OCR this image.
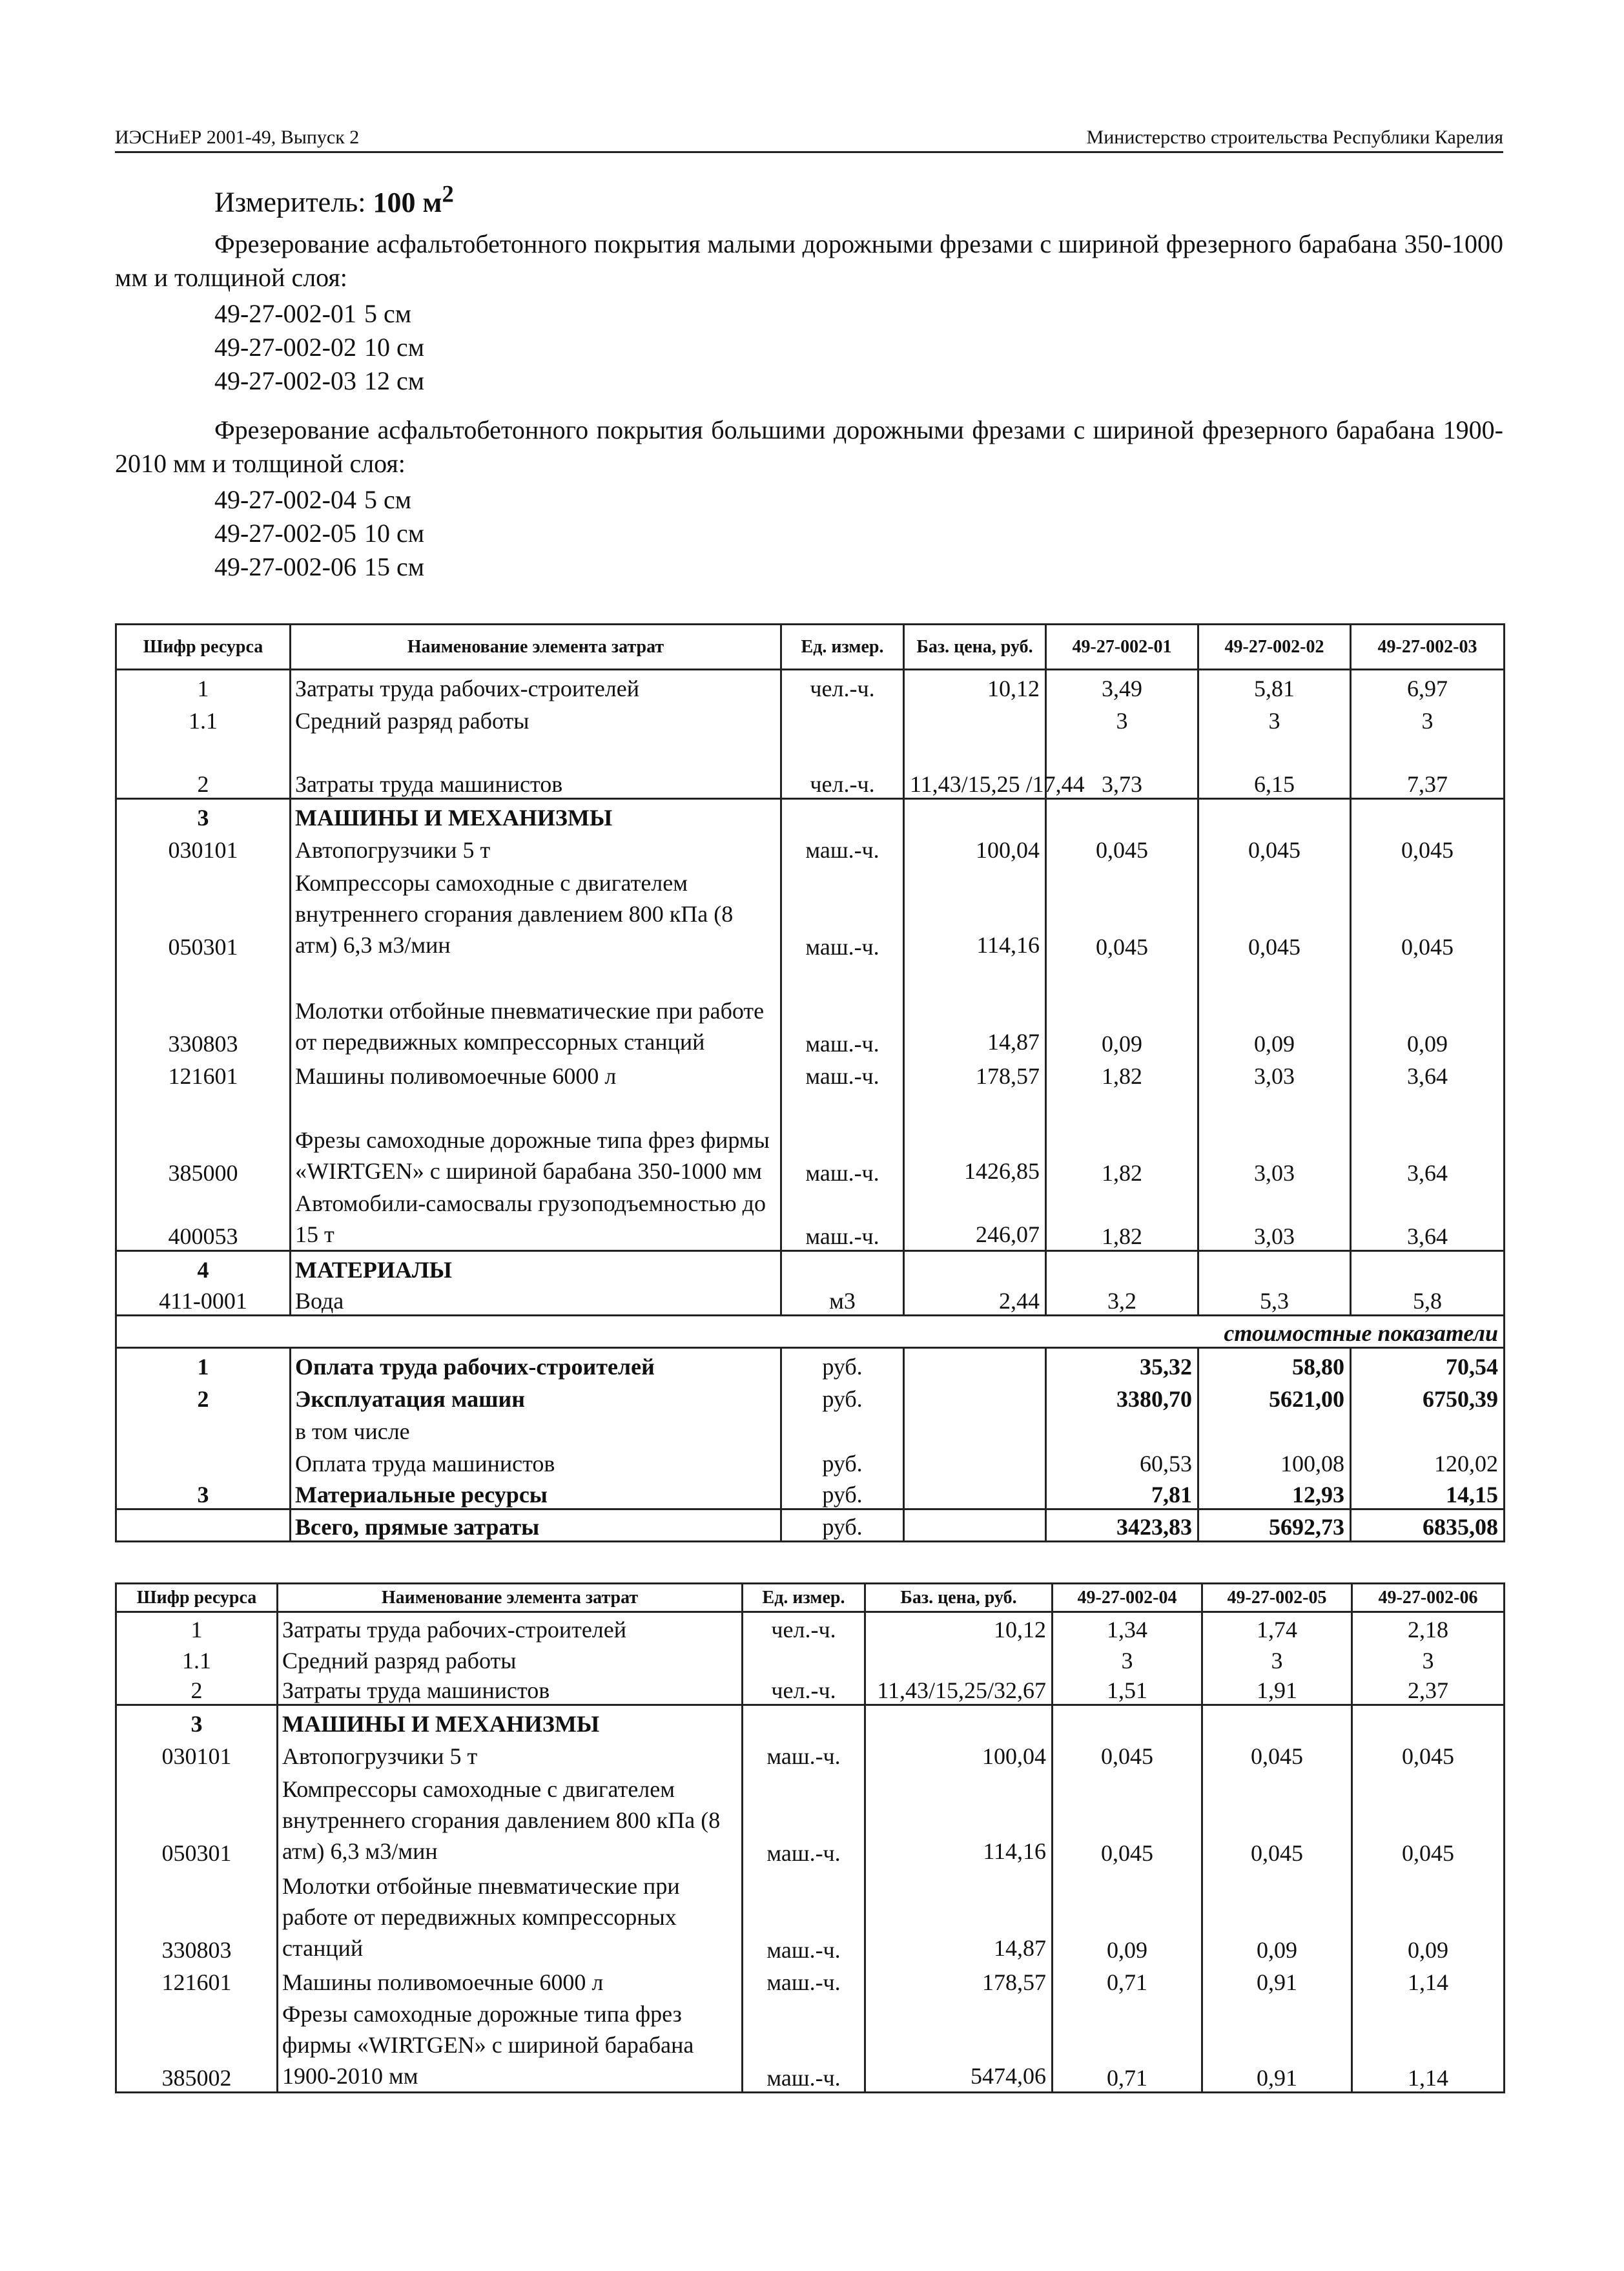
ИЭСНиЕР 2001-49, Выпуск 2	Министерство строительства Республики Карелия
Измеритель: 100 $м^2$
Фрезерование асфальтобетонного покрытия малыми дорожными фрезами с шириной фрезерного барабана 350-1000 мм и толщиной слоя:
49-27-002-01 5 см
49-27-002-02 10 см
49-27-002-03 12 см
Фрезерование асфальтобетонного покрытия большими дорожными фрезами с шириной фрезерного барабана 1900-2010 мм и толщиной слоя:
49-27-002-04 5 см
49-27-002-05 10 см
49-27-002-06 15 см
Шифр ресурса	Наименование элемента затрат	Ед. измер.	Баз. цена, руб.	49-27-002-01	49-27-002-02	49-27-002-03
1	Затраты труда рабочих-строителей	чел.-ч.	10,12	3,49	5,81	6,97
1.1	Средний разряд работы			3	3	3
2	Затраты труда машинистов	чел.-ч.	11,43/15,25 /17,44	3,73	6,15	7,37
3	МАШИНЫ И МЕХАНИЗМЫ					
030101	Автопогрузчики 5 т	маш.-ч.	100,04	0,045	0,045	0,045
050301	Компрессоры самоходные с двигателем внутреннего сгорания давлением 800 кПа (8 атм) 6,3 м3/мин	маш.-ч.	114,16	0,045	0,045	0,045
330803	Молотки отбойные пневматические при работе от передвижных компрессорных станций	маш.-ч.	14,87	0,09	0,09	0,09
121601	Машины поливомоечные 6000 л	маш.-ч.	178,57	1,82	3,03	3,64
385000	Фрезы самоходные дорожные типа фрез фирмы «WIRTGEN» с шириной барабана 350-1000 мм	маш.-ч.	1426,85	1,82	3,03	3,64
400053	Автомобили-самосвалы грузоподъемностью до 15 т	маш.-ч.	246,07	1,82	3,03	3,64
4	МАТЕРИАЛЫ					
411-0001	Вода	м3	2,44	3,2	5,3	5,8
стоимостные показатели						
1	Оплата труда рабочих-строителей	руб.		35,32	58,80	70,54
2	Эксплуатация машин	руб.		3380,70	5621,00	6750,39
	в том числе					
	Оплата труда машинистов	руб.		60,53	100,08	120,02
3	Материальные ресурсы	руб.		7,81	12,93	14,15
	Всего, прямые затраты	руб.		3423,83	5692,73	6835,08
Шифр ресурса	Наименование элемента затрат	Ед. измер.	Баз. цена, руб.	49-27-002-04	49-27-002-05	49-27-002-06
1	Затраты труда рабочих-строителей	чел.-ч.	10,12	1,34	1,74	2,18
1.1	Средний разряд работы			3	3	3
2	Затраты труда машинистов	чел.-ч.	11,43/15,25/32,67	1,51	1,91	2,37
3	МАШИНЫ И МЕХАНИЗМЫ					
030101	Автопогрузчики 5 т	маш.-ч.	100,04	0,045	0,045	0,045
050301	Компрессоры самоходные с двигателем внутреннего сгорания давлением 800 кПа (8 атм) 6,3 м3/мин	маш.-ч.	114,16	0,045	0,045	0,045
330803	Молотки отбойные пневматические при работе от передвижных компрессорных станций	маш.-ч.	14,87	0,09	0,09	0,09
121601	Машины поливомоечные 6000 л	маш.-ч.	178,57	0,71	0,91	1,14
385002	Фрезы самоходные дорожные типа фрез фирмы «WIRTGEN» с шириной барабана 1900-2010 мм	маш.-ч.	5474,06	0,71	0,91	1,14
